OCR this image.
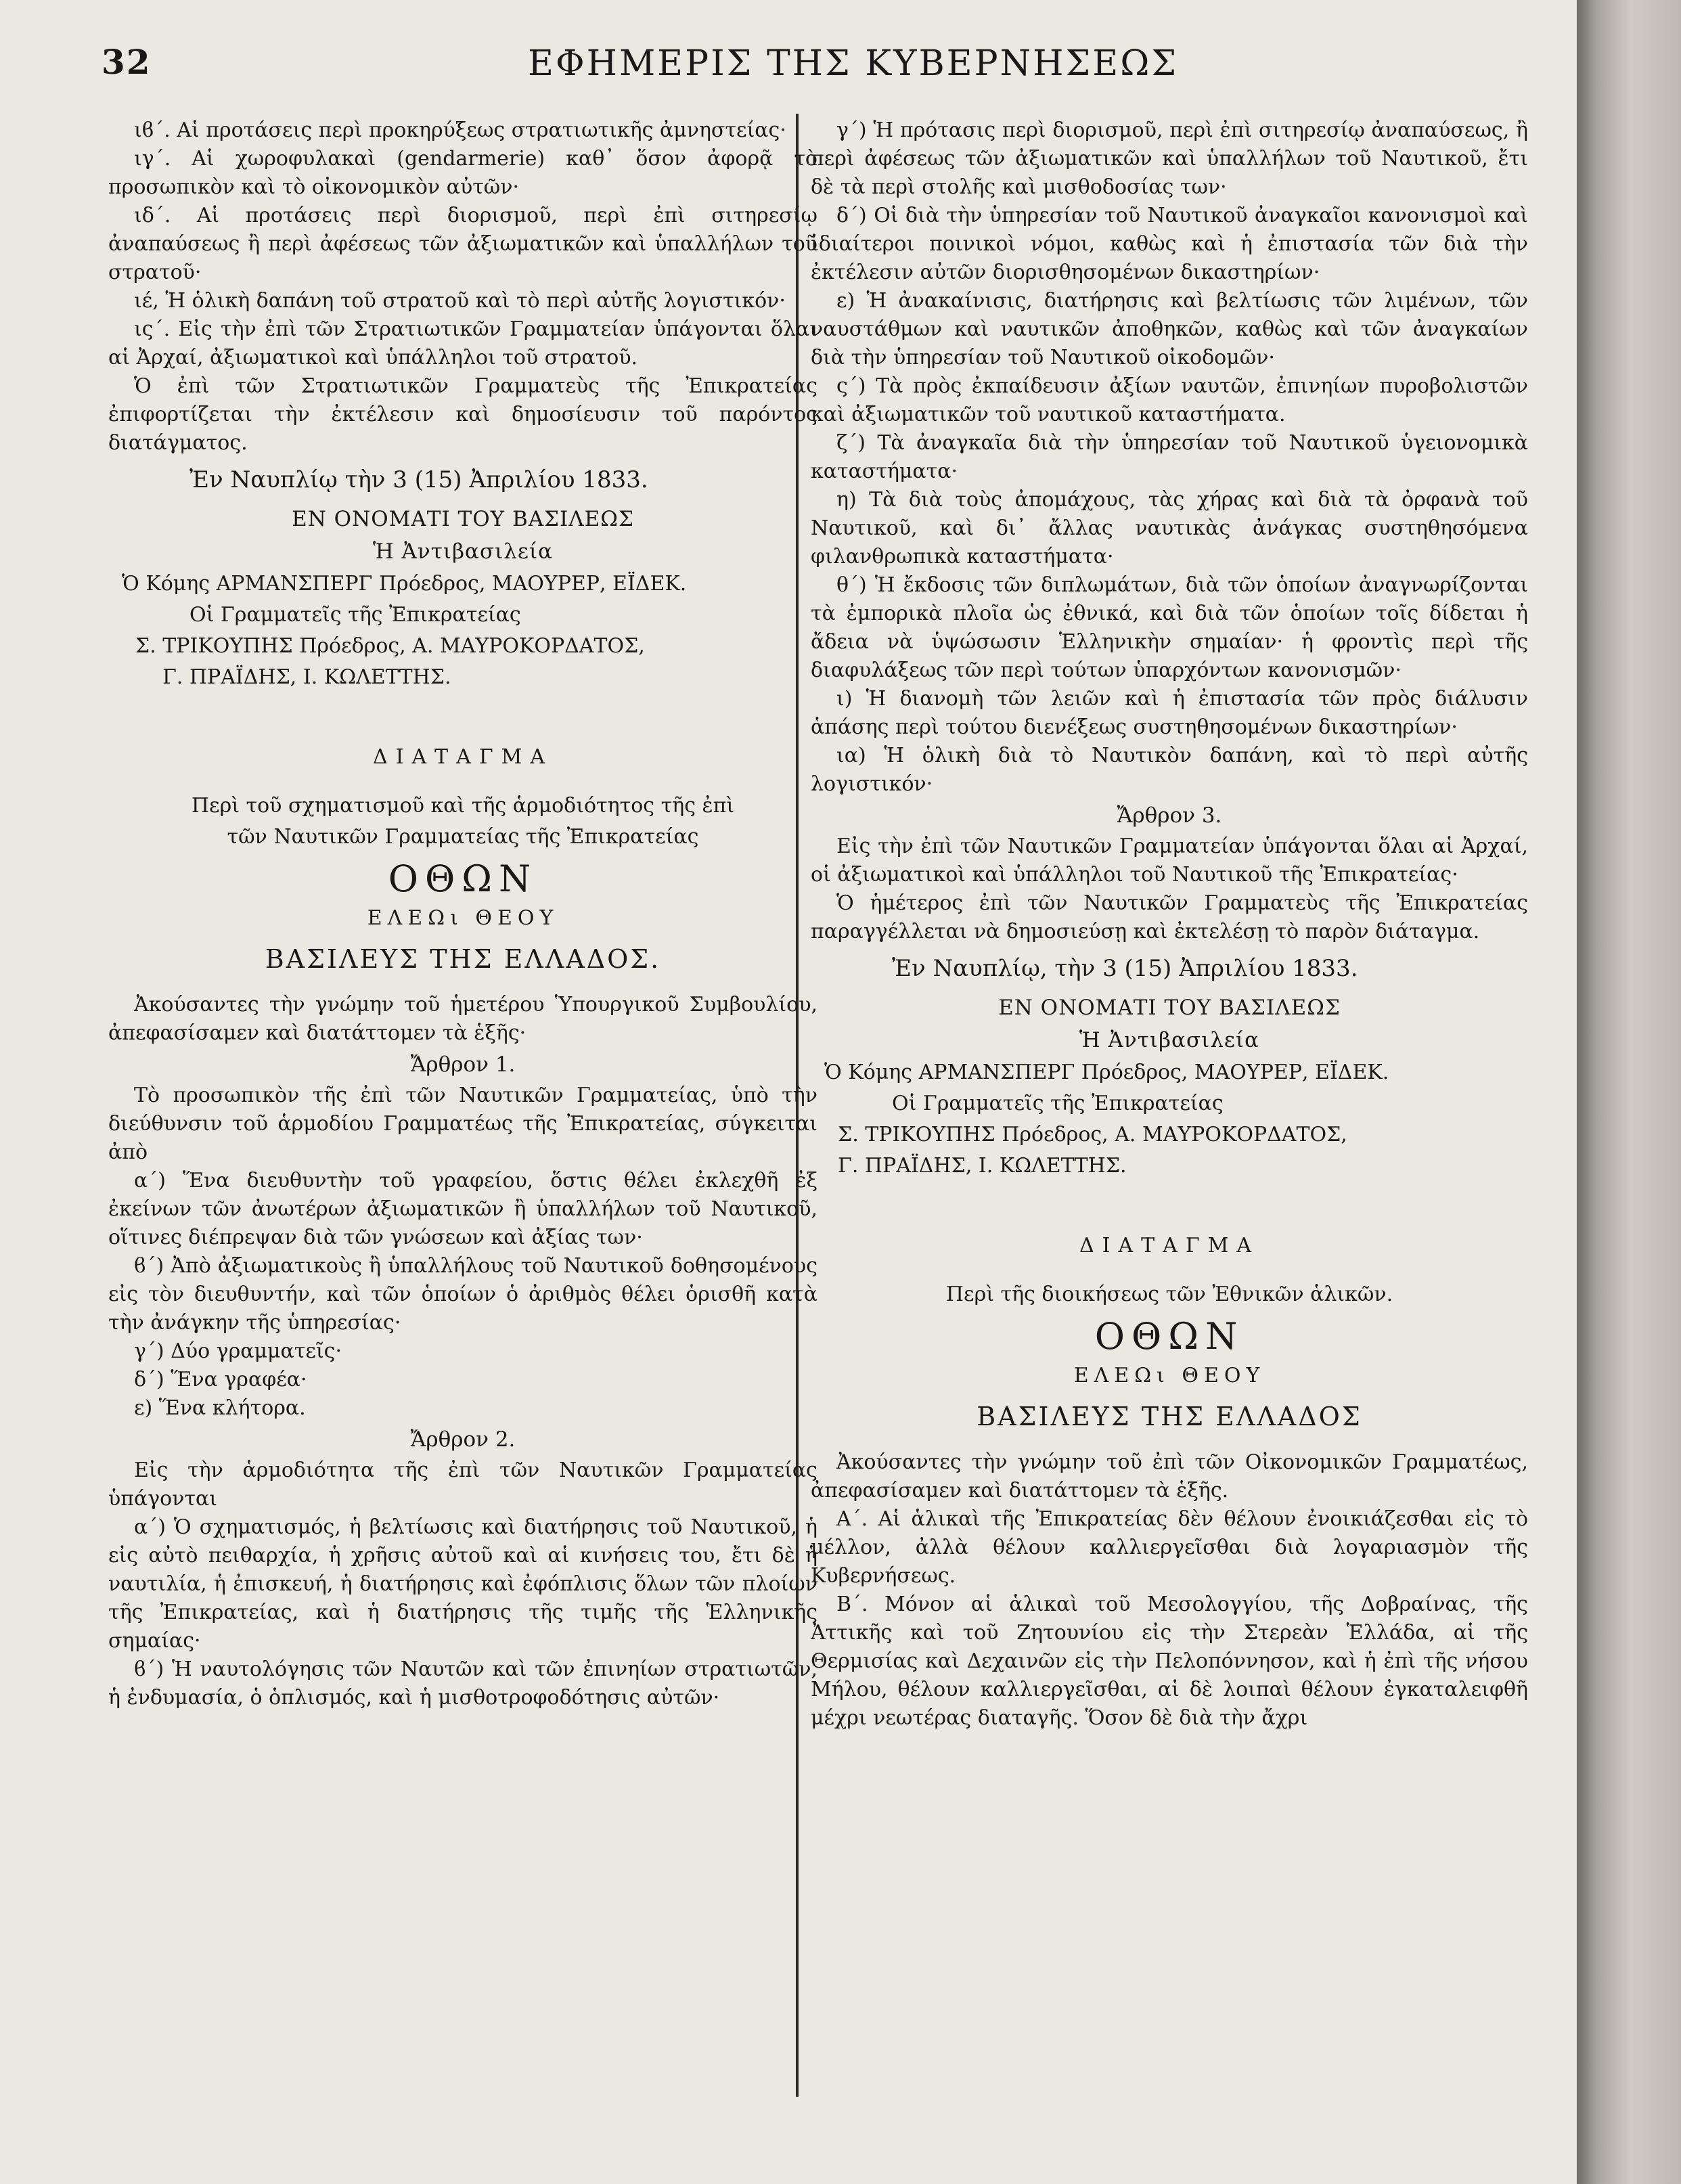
32	ΕΦΗΜΕΡΙΣ ΤΗΣ ΚΥΒΕΡΝΗΣΕΩΣ

ιϐ΄. Αἱ προτάσεις περὶ προκηρύξεως στρατιωτικῆς ἀμνηστείας·

ιγ΄. Αἱ χωροφυλακαὶ (gendarmerie) καθ᾽ ὅσον ἀφορᾷ τὸ προσωπικὸν καὶ τὸ οἰκονομικὸν αὐτῶν·

ιδ΄. Αἱ προτάσεις περὶ διορισμοῦ, περὶ ἐπὶ σιτηρεσίῳ ἀναπαύσεως ἢ περὶ ἀφέσεως τῶν ἀξιωματικῶν καὶ ὑπαλλήλων τοῦ στρατοῦ·

ιέ, Ἡ ὁλικὴ δαπάνη τοῦ στρατοῦ καὶ τὸ περὶ αὐτῆς λογιστικόν·

ις΄. Εἰς τὴν ἐπὶ τῶν Στρατιωτικῶν Γραμματείαν ὑπάγονται ὅλαι αἱ Ἀρχαί, ἀξιωματικοὶ καὶ ὑπάλληλοι τοῦ στρατοῦ.

Ὁ ἐπὶ τῶν Στρατιωτικῶν Γραμματεὺς τῆς Ἐπικρατείας ἐπιφορτίζεται τὴν ἐκτέλεσιν καὶ δημοσίευσιν τοῦ παρόντος διατάγματος.

Ἐν Ναυπλίῳ τὴν 3 (15) Ἀπριλίου 1833.

ΕΝ ΟΝΟΜΑΤΙ ΤΟΥ ΒΑΣΙΛΕΩΣ

Ἡ Ἀντιβασιλεία

Ὁ Κόμης ΑΡΜΑΝΣΠΕΡΓ Πρόεδρος, ΜΑΟΥΡΕΡ, ΕΪΔΕΚ.

Οἱ Γραμματεῖς τῆς Ἐπικρατείας

Σ. ΤΡΙΚΟΥΠΗΣ Πρόεδρος, Α. ΜΑΥΡΟΚΟΡΔΑΤΟΣ,

Γ. ΠΡΑΪΔΗΣ, Ι. ΚΩΛΕΤΤΗΣ.

ΔΙΑΤΑΓΜΑ

Περὶ τοῦ σχηματισμοῦ καὶ τῆς ἁρμοδιότητος τῆς ἐπὶ

τῶν Ναυτικῶν Γραμματείας τῆς Ἐπικρατείας

ΟΘΩΝ

ΕΛΕΩι ΘΕΟΥ

ΒΑΣΙΛΕΥΣ ΤΗΣ ΕΛΛΑΔΟΣ.

Ἀκούσαντες τὴν γνώμην τοῦ ἡμετέρου Ὑπουργικοῦ Συμβουλίου, ἀπεφασίσαμεν καὶ διατάττομεν τὰ ἑξῆς·

Ἄρθρον 1.

Τὸ προσωπικὸν τῆς ἐπὶ τῶν Ναυτικῶν Γραμματείας, ὑπὸ τὴν διεύθυνσιν τοῦ ἁρμοδίου Γραμματέως τῆς Ἐπικρατείας, σύγκειται ἀπὸ

α΄) Ἕνα διευθυντὴν τοῦ γραφείου, ὅστις θέλει ἐκλεχθῆ ἐξ ἐκείνων τῶν ἀνωτέρων ἀξιωματικῶν ἢ ὑπαλλήλων τοῦ Ναυτικοῦ, οἵτινες διέπρεψαν διὰ τῶν γνώσεων καὶ ἀξίας των·

ϐ΄) Ἀπὸ ἀξιωματικοὺς ἢ ὑπαλλήλους τοῦ Ναυτικοῦ δοθησομένους εἰς τὸν διευθυντήν, καὶ τῶν ὁποίων ὁ ἀριθμὸς θέλει ὁρισθῆ κατὰ τὴν ἀνάγκην τῆς ὑπηρεσίας·

γ΄) Δύο γραμματεῖς·

δ΄) Ἕνα γραφέα·

ε) Ἕνα κλήτορα.

Ἄρθρον 2.

Εἰς τὴν ἁρμοδιότητα τῆς ἐπὶ τῶν Ναυτικῶν Γραμματείας ὑπάγονται

α΄) Ὁ σχηματισμός, ἡ βελτίωσις καὶ διατήρησις τοῦ Ναυτικοῦ, ἡ εἰς αὐτὸ πειθαρχία, ἡ χρῆσις αὐτοῦ καὶ αἱ κινήσεις του, ἔτι δὲ ἡ ναυτιλία, ἡ ἐπισκευή, ἡ διατήρησις καὶ ἐφόπλισις ὅλων τῶν πλοίων τῆς Ἐπικρατείας, καὶ ἡ διατήρησις τῆς τιμῆς τῆς Ἑλληνικῆς σημαίας·

ϐ΄) Ἡ ναυτολόγησις τῶν Ναυτῶν καὶ τῶν ἐπινηίων στρατιωτῶν, ἡ ἐνδυμασία, ὁ ὁπλισμός, καὶ ἡ μισθοτροφοδότησις αὐτῶν·

γ΄) Ἡ πρότασις περὶ διορισμοῦ, περὶ ἐπὶ σιτηρεσίῳ ἀναπαύσεως, ἢ περὶ ἀφέσεως τῶν ἀξιωματικῶν καὶ ὑπαλλήλων τοῦ Ναυτικοῦ, ἔτι δὲ τὰ περὶ στολῆς καὶ μισθοδοσίας των·

δ΄) Οἱ διὰ τὴν ὑπηρεσίαν τοῦ Ναυτικοῦ ἀναγκαῖοι κανονισμοὶ καὶ ἰδιαίτεροι ποινικοὶ νόμοι, καθὼς καὶ ἡ ἐπιστασία τῶν διὰ τὴν ἐκτέλεσιν αὐτῶν διορισθησομένων δικαστηρίων·

ε) Ἡ ἀνακαίνισις, διατήρησις καὶ βελτίωσις τῶν λιμένων, τῶν ναυστάθμων καὶ ναυτικῶν ἀποθηκῶν, καθὼς καὶ τῶν ἀναγκαίων διὰ τὴν ὑπηρεσίαν τοῦ Ναυτικοῦ οἰκοδομῶν·

ς΄) Τὰ πρὸς ἐκπαίδευσιν ἀξίων ναυτῶν, ἐπινηίων πυροβολιστῶν καὶ ἀξιωματικῶν τοῦ ναυτικοῦ καταστήματα.

ζ΄) Τὰ ἀναγκαῖα διὰ τὴν ὑπηρεσίαν τοῦ Ναυτικοῦ ὑγειονομικὰ καταστήματα·

η) Τὰ διὰ τοὺς ἀπομάχους, τὰς χήρας καὶ διὰ τὰ ὀρφανὰ τοῦ Ναυτικοῦ, καὶ δι᾽ ἄλλας ναυτικὰς ἀνάγκας συστηθησόμενα φιλανθρωπικὰ καταστήματα·

θ΄) Ἡ ἔκδοσις τῶν διπλωμάτων, διὰ τῶν ὁποίων ἀναγνωρίζονται τὰ ἐμπορικὰ πλοῖα ὡς ἐθνικά, καὶ διὰ τῶν ὁποίων τοῖς δίδεται ἡ ἄδεια νὰ ὑψώσωσιν Ἑλληνικὴν σημαίαν· ἡ φροντὶς περὶ τῆς διαφυλάξεως τῶν περὶ τούτων ὑπαρχόντων κανονισμῶν·

ι) Ἡ διανομὴ τῶν λειῶν καὶ ἡ ἐπιστασία τῶν πρὸς διάλυσιν ἁπάσης περὶ τούτου διενέξεως συστηθησομένων δικαστηρίων·

ια) Ἡ ὁλικὴ διὰ τὸ Ναυτικὸν δαπάνη, καὶ τὸ περὶ αὐτῆς λογιστικόν·

Ἄρθρον 3.

Εἰς τὴν ἐπὶ τῶν Ναυτικῶν Γραμματείαν ὑπάγονται ὅλαι αἱ Ἀρχαί, οἱ ἀξιωματικοὶ καὶ ὑπάλληλοι τοῦ Ναυτικοῦ τῆς Ἐπικρατείας·

Ὁ ἡμέτερος ἐπὶ τῶν Ναυτικῶν Γραμματεὺς τῆς Ἐπικρατείας παραγγέλλεται νὰ δημοσιεύσῃ καὶ ἐκτελέσῃ τὸ παρὸν διάταγμα.

Ἐν Ναυπλίῳ, τὴν 3 (15) Ἀπριλίου 1833.

ΕΝ ΟΝΟΜΑΤΙ ΤΟΥ ΒΑΣΙΛΕΩΣ

Ἡ Ἀντιβασιλεία

Ὁ Κόμης ΑΡΜΑΝΣΠΕΡΓ Πρόεδρος, ΜΑΟΥΡΕΡ, ΕΪΔΕΚ.

Οἱ Γραμματεῖς τῆς Ἐπικρατείας

Σ. ΤΡΙΚΟΥΠΗΣ Πρόεδρος, Α. ΜΑΥΡΟΚΟΡΔΑΤΟΣ,

Γ. ΠΡΑΪΔΗΣ, Ι. ΚΩΛΕΤΤΗΣ.

ΔΙΑΤΑΓΜΑ

Περὶ τῆς διοικήσεως τῶν Ἐθνικῶν ἁλικῶν.

ΟΘΩΝ

ΕΛΕΩι ΘΕΟΥ

ΒΑΣΙΛΕΥΣ ΤΗΣ ΕΛΛΑΔΟΣ

Ἀκούσαντες τὴν γνώμην τοῦ ἐπὶ τῶν Οἰκονομικῶν Γραμματέως, ἀπεφασίσαμεν καὶ διατάττομεν τὰ ἑξῆς.

Α΄. Αἱ ἁλικαὶ τῆς Ἐπικρατείας δὲν θέλουν ἐνοικιάζεσθαι εἰς τὸ μέλλον, ἀλλὰ θέλουν καλλιεργεῖσθαι διὰ λογαριασμὸν τῆς Κυβερνήσεως.

Β΄. Μόνον αἱ ἁλικαὶ τοῦ Μεσολογγίου, τῆς Δοβραίνας, τῆς Ἀττικῆς καὶ τοῦ Ζητουνίου εἰς τὴν Στερεὰν Ἑλλάδα, αἱ τῆς Θερμισίας καὶ Δεχαινῶν εἰς τὴν Πελοπόννησον, καὶ ἡ ἐπὶ τῆς νήσου Μήλου, θέλουν καλλιεργεῖσθαι, αἱ δὲ λοιπαὶ θέλουν ἐγκαταλειφθῆ μέχρι νεωτέρας διαταγῆς. Ὅσον δὲ διὰ τὴν ἄχρι
